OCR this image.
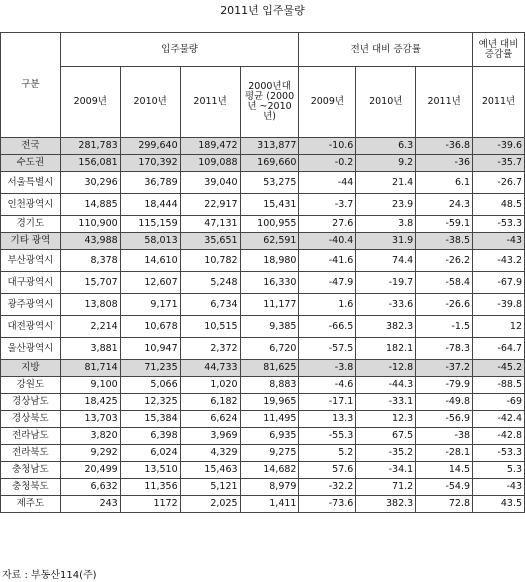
2011년 입주물량
구분	입주물량				전년 대비 증감률			예년 대비 증감률
	2009년	2010년	2011년	2000년대 평균 (2000년 ~2010년)	2009년	2010년	2011년	2011년
전국	281,783	299,640	189,472	313,877	-10.6	6.3	-36.8	-39.6
수도권	156,081	170,392	109,088	169,660	-0.2	9.2	-36	-35.7
서울특별시	30,296	36,789	39,040	53,275	-44	21.4	6.1	-26.7
인천광역시	14,885	18,444	22,917	15,431	-3.7	23.9	24.3	48.5
경기도	110,900	115,159	47,131	100,955	27.6	3.8	-59.1	-53.3
기타 광역	43,988	58,013	35,651	62,591	-40.4	31.9	-38.5	-43
부산광역시	8,378	14,610	10,782	18,980	-41.6	74.4	-26.2	-43.2
대구광역시	15,707	12,607	5,248	16,330	-47.9	-19.7	-58.4	-67.9
광주광역시	13,808	9,171	6,734	11,177	1.6	-33.6	-26.6	-39.8
대전광역시	2,214	10,678	10,515	9,385	-66.5	382.3	-1.5	12
울산광역시	3,881	10,947	2,372	6,720	-57.5	182.1	-78.3	-64.7
지방	81,714	71,235	44,733	81,625	-3.8	-12.8	-37.2	-45.2
강원도	9,100	5,066	1,020	8,883	-4.6	-44.3	-79.9	-88.5
경상남도	18,425	12,325	6,182	19,965	-17.1	-33.1	-49.8	-69
경상북도	13,703	15,384	6,624	11,495	13.3	12.3	-56.9	-42.4
전라남도	3,820	6,398	3,969	6,935	-55.3	67.5	-38	-42.8
전라북도	9,292	6,024	4,329	9,275	5.2	-35.2	-28.1	-53.3
충청남도	20,499	13,510	15,463	14,682	57.6	-34.1	14.5	5.3
충청북도	6,632	11,356	5,121	8,979	-32.2	71.2	-54.9	-43
제주도	243	1172	2,025	1,411	-73.6	382.3	72.8	43.5
자료 : 부동산114(주)
